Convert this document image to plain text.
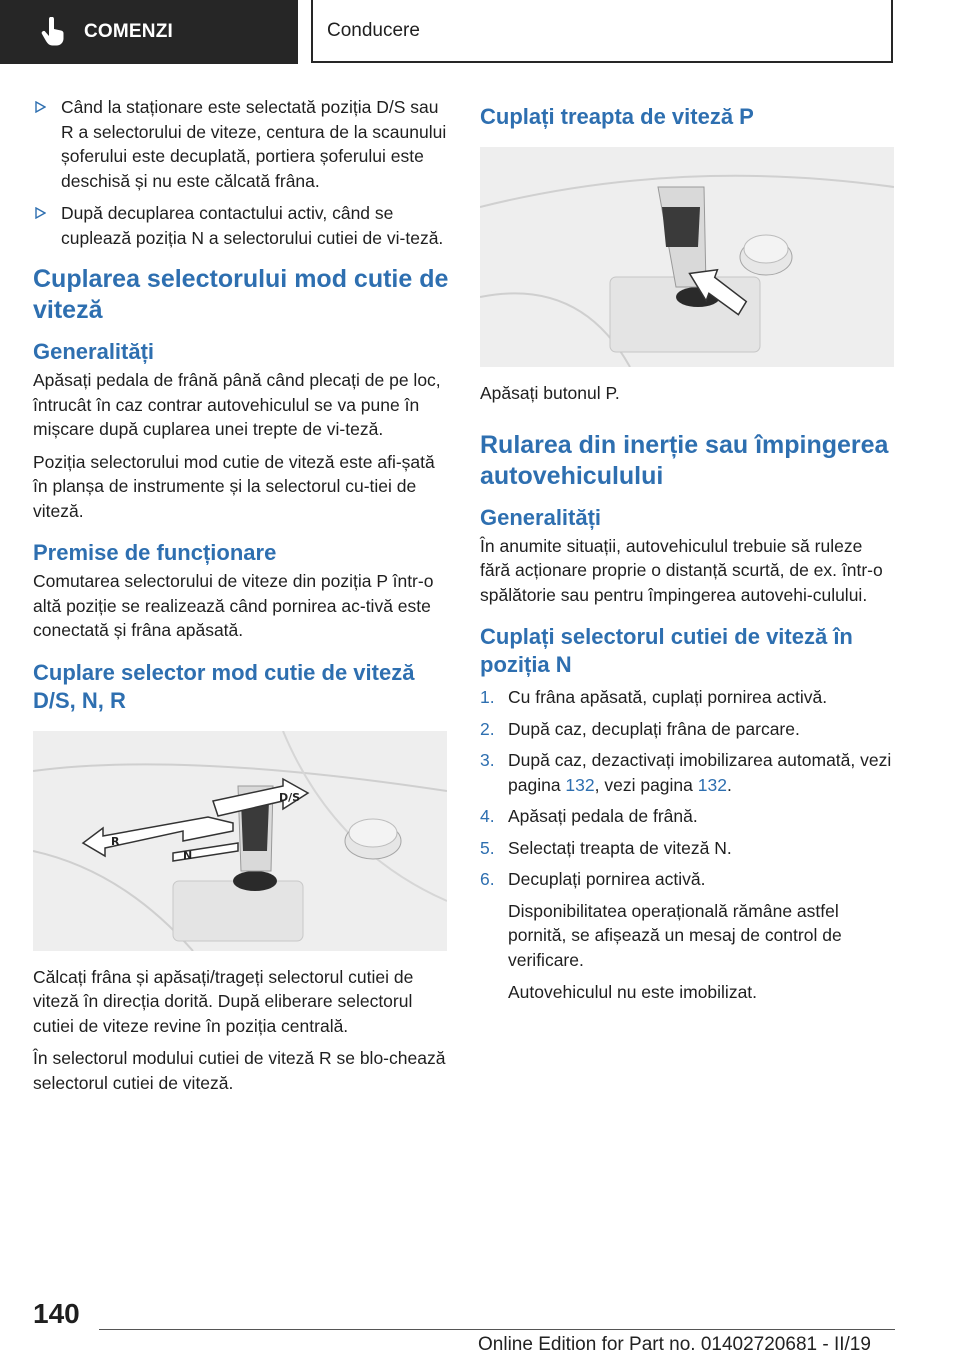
COMENZI	Conducere
Când la staționare este selectată poziția D/S sau R a selectorului de viteze, centura de la scaunului șoferului este decuplată, portiera șoferului este deschisă și nu este călcată frâna.
După decuplarea contactului activ, când se cuplează poziția N a selectorului cutiei de vi-teză.
Cuplarea selectorului mod cutie de viteză
Generalități

Apăsați pedala de frână până când plecați de pe loc, întrucât în caz contrar autovehiculul se va pune în mișcare după cuplarea unei trepte de vi-teză.

Poziția selectorului mod cutie de viteză este afi-șată în planșa de instrumente și la selectorul cu-tiei de viteză.

Premise de funcționare

Comutarea selectorului de viteze din poziția P într-o altă poziție se realizează când pornirea ac-tivă este conectată și frâna apăsată.

Cuplare selector mod cutie de viteză D/S, N, R
R
N
D/S

Călcați frâna și apăsați/trageți selectorul cutiei de viteză în direcția dorită. După eliberare selectorul cutiei de viteze revine în poziția centrală.

În selectorul modului cutiei de viteză R se blo-chează selectorul cutiei de viteză.

Cuplați treapta de viteză P

Apăsați butonul P.

Rularea din inerție sau împingerea autovehiculului
Generalități

În anumite situații, autovehiculul trebuie să ruleze fără acționare proprie o distanță scurtă, de ex. într-o spălătorie sau pentru împingerea autovehi-culului.

Cuplați selectorul cutiei de viteză în poziția N
1. Cu frâna apăsată, cuplați pornirea activă.
2. După caz, decuplați frâna de parcare.
3. După caz, dezactivați imobilizarea automată, vezi pagina 132, vezi pagina 132.
4. Apăsați pedala de frână.
5. Selectați treapta de viteză N.
6. Decuplați pornirea activă.

Disponibilitatea operațională rămâne astfel pornită, se afișează un mesaj de control de verificare.

Autovehiculul nu este imobilizat.

140
Online Edition for Part no. 01402720681 - II/19
